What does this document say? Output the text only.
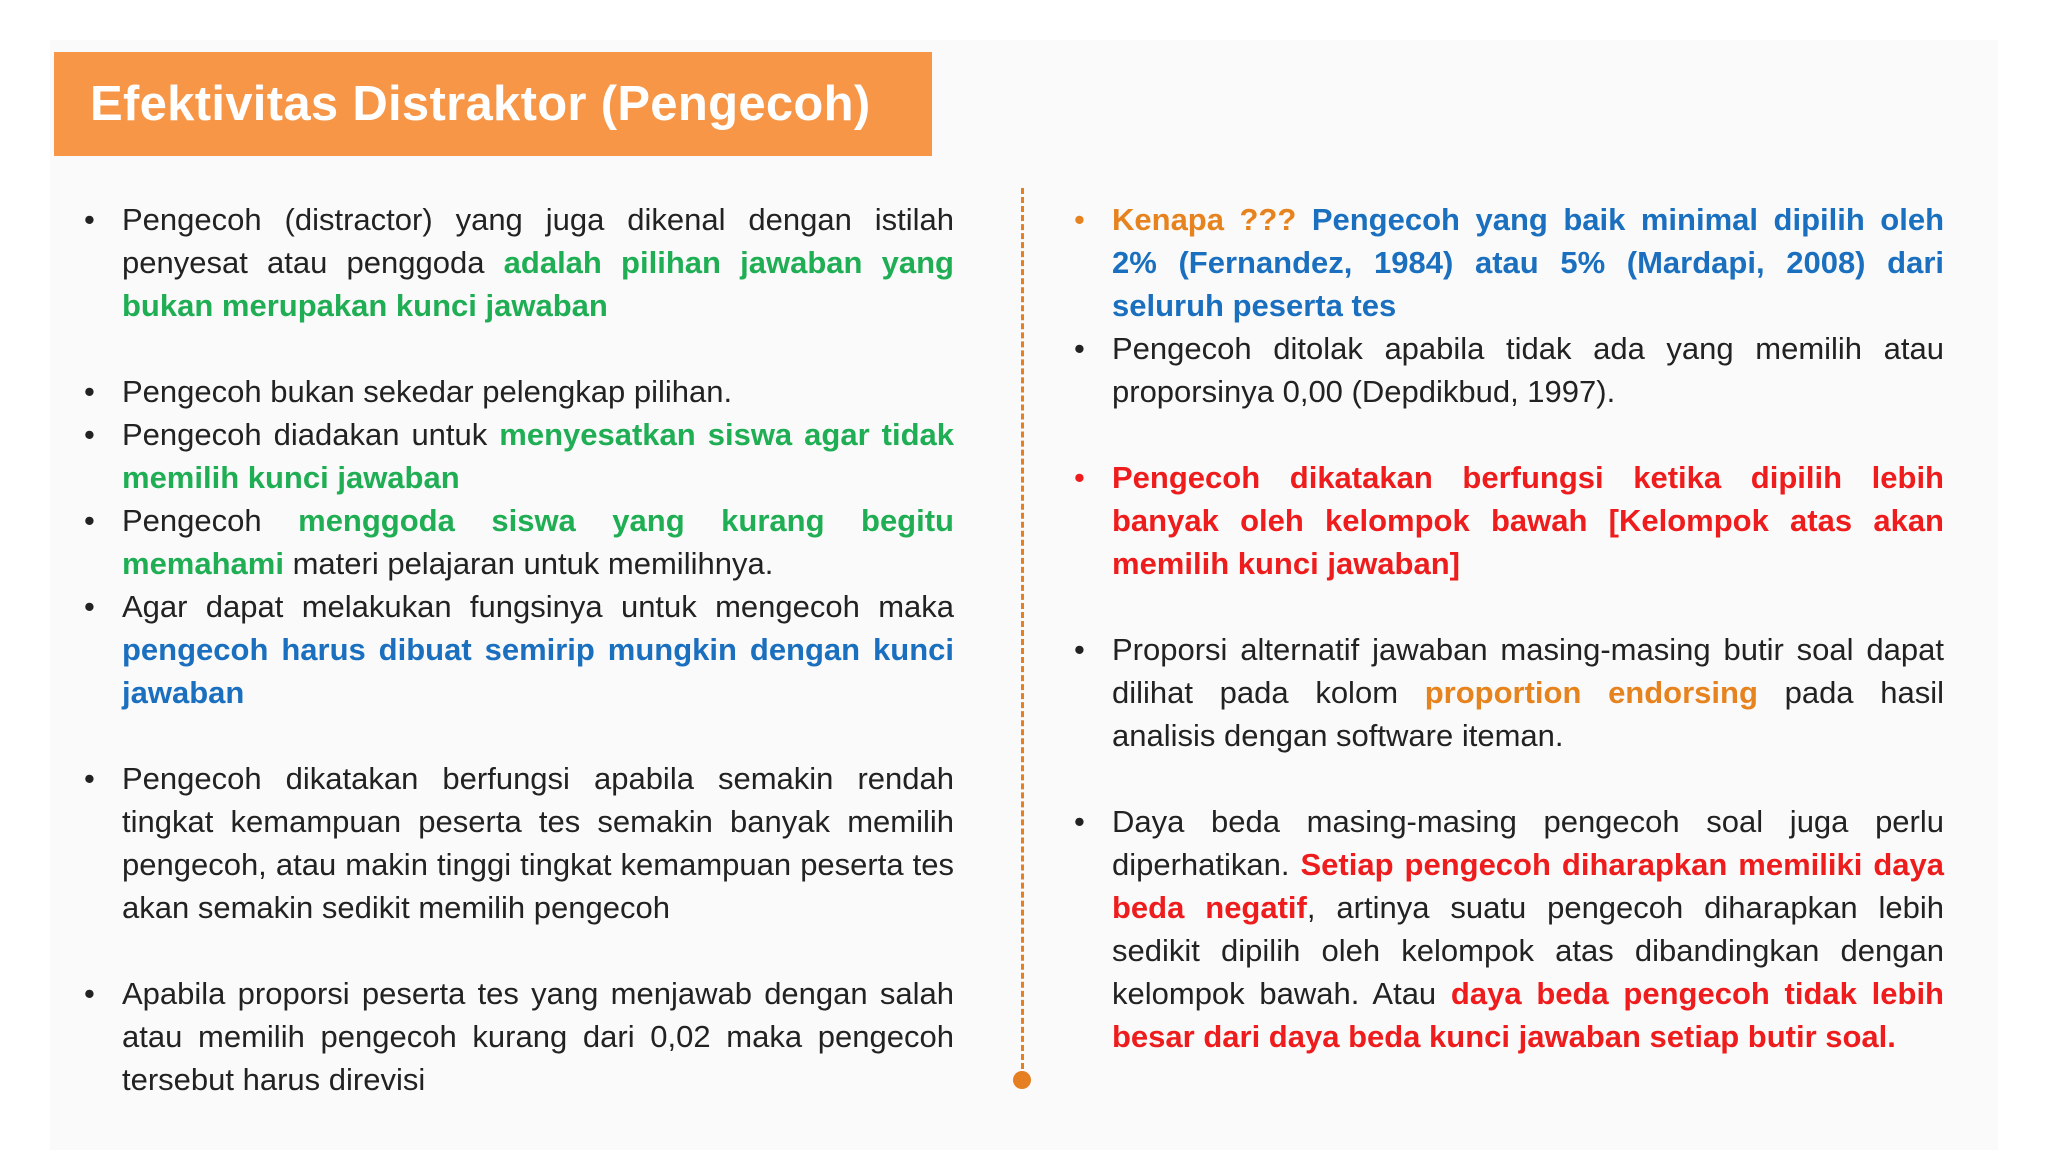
Efektivitas Distraktor (Pengecoh)
• Pengecoh (distractor) yang juga dikenal dengan istilah penyesat atau penggoda adalah pilihan jawaban yang bukan merupakan kunci jawaban
• Pengecoh bukan sekedar pelengkap pilihan.
• Pengecoh diadakan untuk menyesatkan siswa agar tidak memilih kunci jawaban
• Pengecoh menggoda siswa yang kurang begitu memahami materi pelajaran untuk memilihnya.
• Agar dapat melakukan fungsinya untuk mengecoh maka pengecoh harus dibuat semirip mungkin dengan kunci jawaban
• Pengecoh dikatakan berfungsi apabila semakin rendah tingkat kemampuan peserta tes semakin banyak memilih pengecoh, atau makin tinggi tingkat kemampuan peserta tes akan semakin sedikit memilih pengecoh
• Apabila proporsi peserta tes yang menjawab dengan salah atau memilih pengecoh kurang dari 0,02 maka pengecoh tersebut harus direvisi
• Kenapa ??? Pengecoh yang baik minimal dipilih oleh 2% (Fernandez, 1984) atau 5% (Mardapi, 2008) dari seluruh peserta tes
• Pengecoh ditolak apabila tidak ada yang memilih atau proporsinya 0,00 (Depdikbud, 1997).
• Pengecoh dikatakan berfungsi ketika dipilih lebih banyak oleh kelompok bawah [Kelompok atas akan memilih kunci jawaban]
• Proporsi alternatif jawaban masing-masing butir soal dapat dilihat pada kolom proportion endorsing pada hasil analisis dengan software iteman.
• Daya beda masing-masing pengecoh soal juga perlu diperhatikan. Setiap pengecoh diharapkan memiliki daya beda negatif, artinya suatu pengecoh diharapkan lebih sedikit dipilih oleh kelompok atas dibandingkan dengan kelompok bawah. Atau daya beda pengecoh tidak lebih besar dari daya beda kunci jawaban setiap butir soal.
